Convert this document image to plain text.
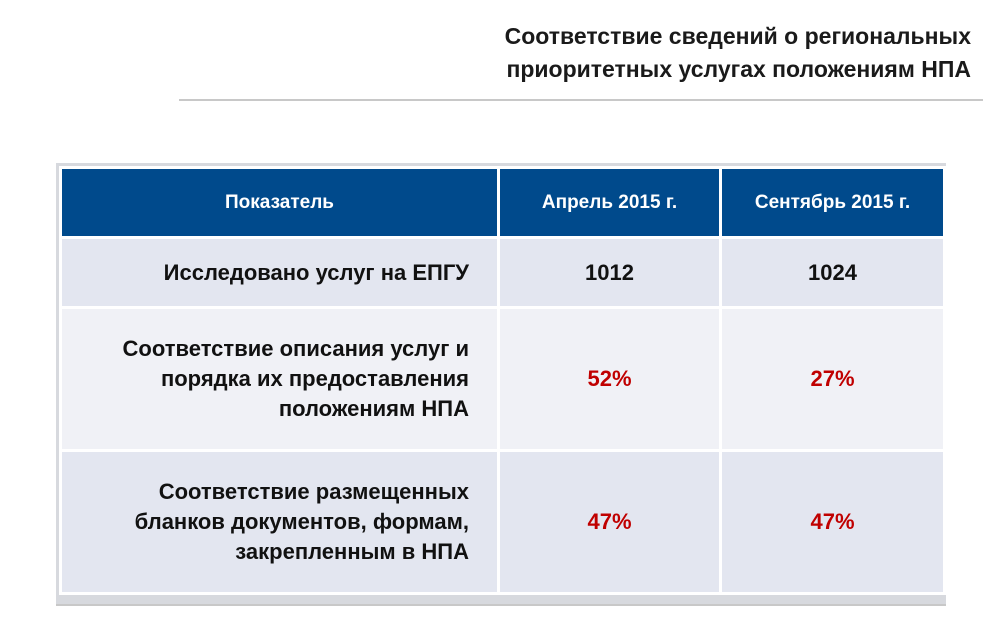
Соответствие сведений о региональных
приоритетных услугах положениям НПА
Показатель	Апрель 2015 г.	Сентябрь 2015 г.

Исследовано услуг на ЕПГУ	1012	1024

Соответствие описания услуг и
порядка их предоставления
положениям НПА	52%	27%

Соответствие размещенных
бланков документов, формам,
закрепленным в НПА	47%	47%
